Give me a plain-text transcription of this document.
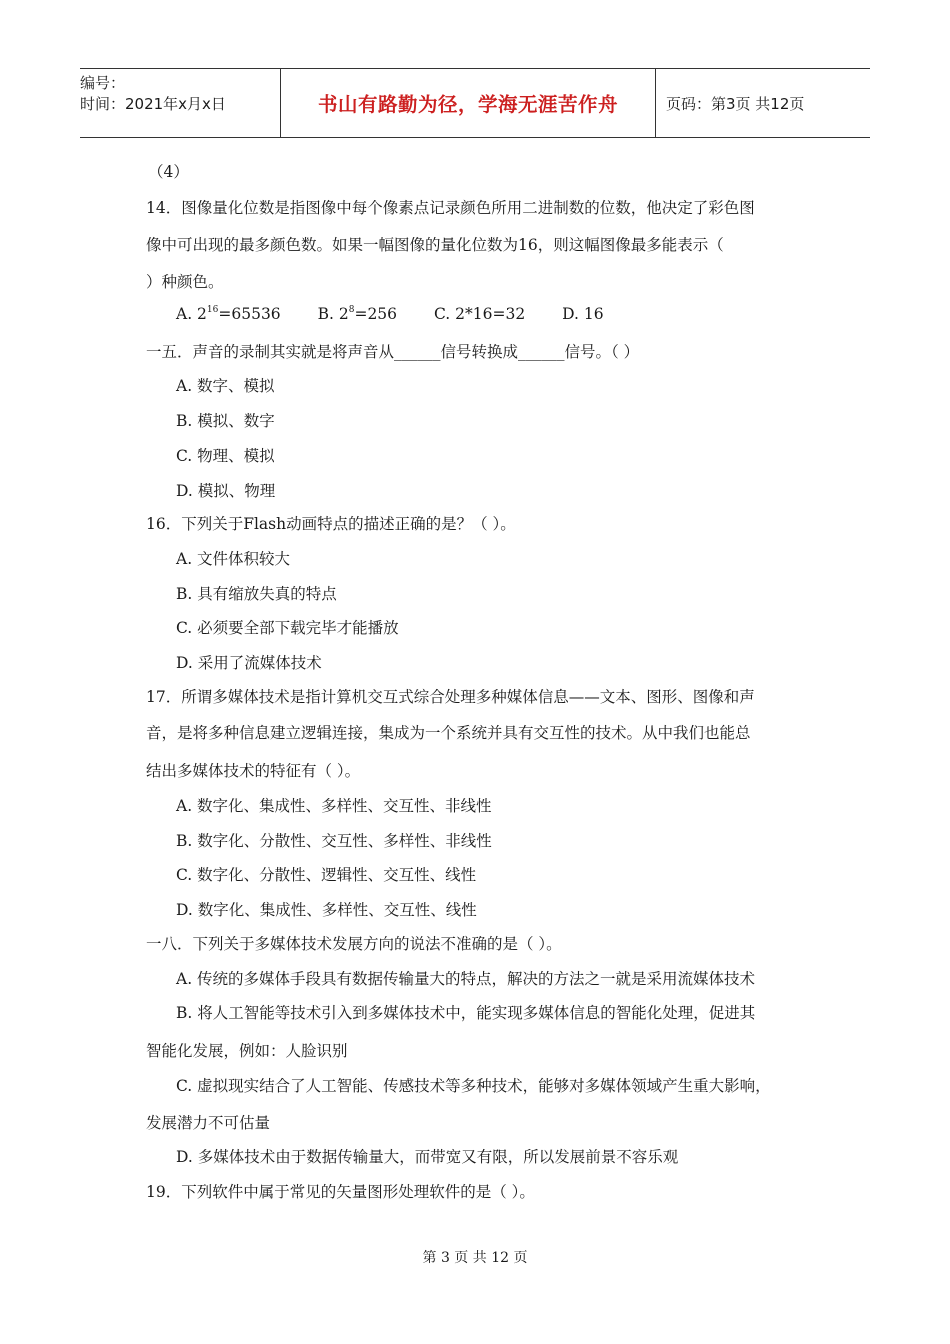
编号：
时间：2021年x月x日	书山有路勤为径，学海无涯苦作舟	页码：第3页 共12页
（4）
14．图像量化位数是指图像中每个像素点记录颜色所用二进制数的位数，他决定了彩色图
像中可出现的最多颜色数。如果一幅图像的量化位数为16，则这幅图像最多能表示（
）种颜色。
一五．声音的录制其实就是将声音从______信号转换成______信号。（ ）
A. 数字、模拟
B. 模拟、数字
C. 物理、模拟
D. 模拟、物理
16．下列关于Flash动画特点的描述正确的是？（ ）。
A. 文件体积较大
B. 具有缩放失真的特点
C. 必须要全部下载完毕才能播放
D. 采用了流媒体技术
17．所谓多媒体技术是指计算机交互式综合处理多种媒体信息——文本、图形、图像和声
音，是将多种信息建立逻辑连接，集成为一个系统并具有交互性的技术。从中我们也能总
结出多媒体技术的特征有（ ）。
A. 数字化、集成性、多样性、交互性、非线性
B. 数字化、分散性、交互性、多样性、非线性
C. 数字化、分散性、逻辑性、交互性、线性
D. 数字化、集成性、多样性、交互性、线性
一八．下列关于多媒体技术发展方向的说法不准确的是（ ）。
A. 传统的多媒体手段具有数据传输量大的特点，解决的方法之一就是采用流媒体技术
B. 将人工智能等技术引入到多媒体技术中，能实现多媒体信息的智能化处理，促进其
智能化发展，例如：人脸识别
C. 虚拟现实结合了人工智能、传感技术等多种技术，能够对多媒体领域产生重大影响，
发展潜力不可估量
D. 多媒体技术由于数据传输量大，而带宽又有限，所以发展前景不容乐观
19．下列软件中属于常见的矢量图形处理软件的是（ ）。
A. $2^{16}=65536$ B. $2^8=256$ C. 2*16=32 D. 16
第 3 页 共 12 页
